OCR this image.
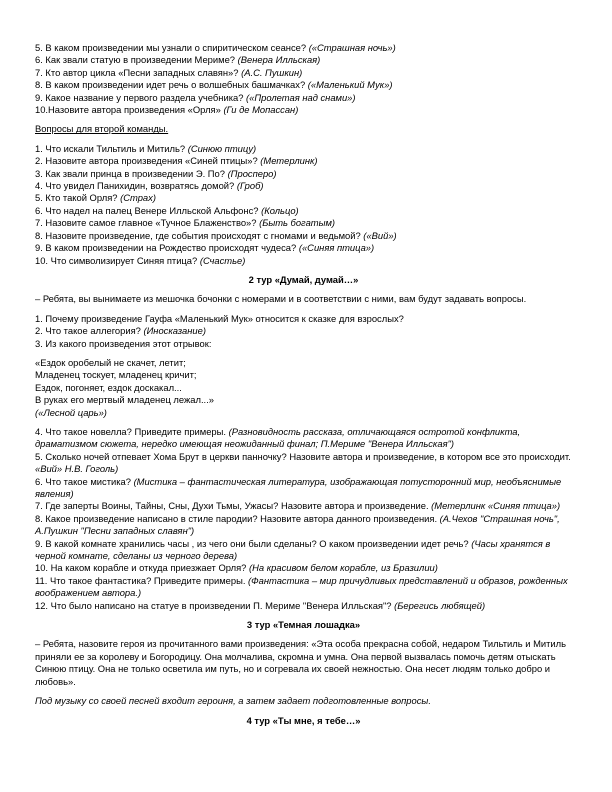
5. В каком произведении мы узнали о спиритическом сеансе? («Страшная ночь»)

6. Как звали статую в произведении Мериме? (Венера Илльская)

7. Кто автор цикла «Песни западных славян»? (А.С. Пушкин)

8. В каком произведении идет речь о волшебных башмачках? («Маленький Мук»)

9. Какое название у первого раздела учебника? («Пролетая над снами»)

10.Назовите автора произведения «Орля» (Ги де Мопассан)

Вопросы для второй команды.

1. Что искали Тильтиль и Митиль? (Синюю птицу)

2. Назовите автора произведения «Синей птицы»? (Метерлинк)

3. Как звали принца в произведении Э. По? (Просперо)

4. Что увидел Панихидин, возвратясь домой? (Гроб)

5. Кто такой Орля? (Страх)

6. Что надел на палец Венере Илльской Альфонс? (Кольцо)

7. Назовите самое главное «Тучное Блаженство»? (Быть богатым)

8. Назовите произведение, где события происходят с гномами и ведьмой? («Вий»)

9. В каком произведении на Рождество происходят чудеса? («Синяя птица»)

10. Что символизирует Синяя птица? (Счастье)

2 тур «Думай, думай…»

– Ребята, вы вынимаете из мешочка бочонки с номерами и в соответствии с ними, вам будут задавать вопросы.

1. Почему произведение Гауфа «Маленький Мук» относится к сказке для взрослых?

2. Что такое аллегория? (Иносказание)

3. Из какого произведения этот отрывок:

«Ездок оробелый не скачет, летит;

Младенец тоскует, младенец кричит;

Ездок, погоняет, ездок доскакал...

В руках его мертвый младенец лежал...»

(«Лесной царь»)

4. Что такое новелла? Приведите примеры. (Разновидность рассказа, отличающаяся остротой конфликта, драматизмом сюжета, нередко имеющая неожиданный финал; П.Мериме "Венера Илльская")

5. Сколько ночей отпевает Хома Брут в церкви панночку? Назовите автора и произведение, в котором все это происходит. «Вий» Н.В. Гоголь)

6. Что такое мистика? (Мистика – фантастическая литература, изображающая потусторонний мир, необъяснимые явления)

7. Где заперты Воины, Тайны, Сны, Духи Тьмы, Ужасы? Назовите автора и произведение. (Метерлинк «Синяя птица»)

8. Какое произведение написано в стиле пародии? Назовите автора данного произведения. (А.Чехов "Страшная ночь", А.Пушкин "Песни западных славян")

9. В какой комнате хранились часы , из чего они были сделаны? О каком произведении идет речь? (Часы хранятся в черной комнате, сделаны из черного дерева)

10. На каком корабле и откуда приезжает Орля? (На красивом белом корабле, из Бразилии)

11. Что такое фантастика? Приведите примеры. (Фантастика – мир причудливых представлений и образов, рожденных воображением автора.)

12. Что было написано на статуе в произведении П. Мериме "Венера Илльская"? (Берегись любящей)

3 тур «Темная лошадка»

– Ребята, назовите героя из прочитанного вами произведения: «Эта особа прекрасна собой, недаром Тильтиль и Митиль приняли ее за королеву и Богородицу. Она молчалива, скромна и умна. Она первой вызвалась помочь детям отыскать Синюю птицу. Она не только осветила им путь, но и согревала их своей нежностью. Она несет людям только добро и любовь».

Под музыку со своей песней входит героиня, а затем задает подготовленные вопросы.

4 тур «Ты мне, я тебе…»
